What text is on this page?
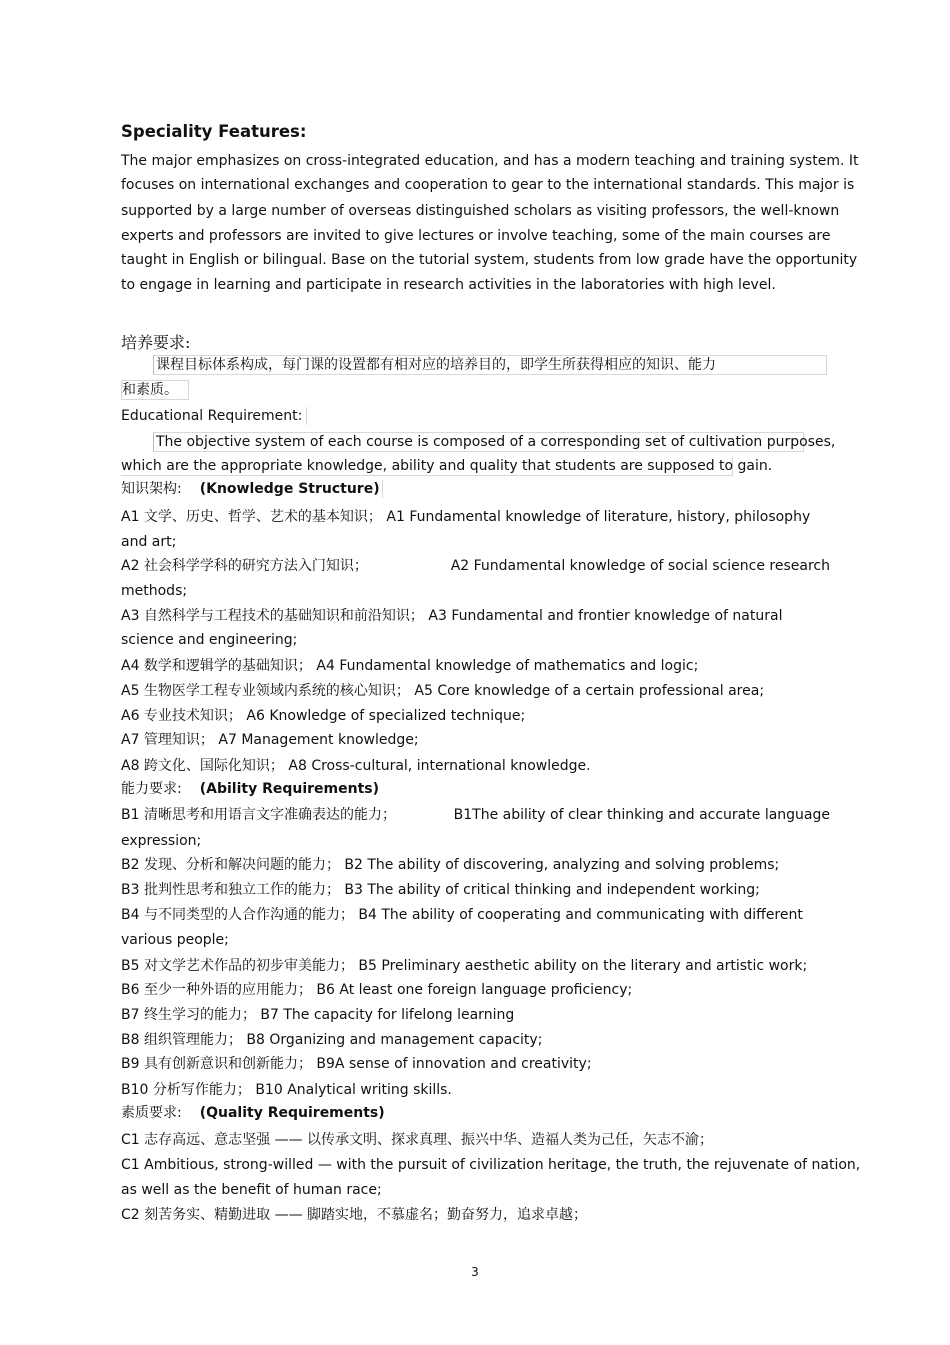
Speciality Features:
The major emphasizes on cross-integrated education, and has a modern teaching and training system. It
focuses on international exchanges and cooperation to gear to the international standards. This major is
supported by a large number of overseas distinguished scholars as visiting professors, the well-known
experts and professors are invited to give lectures or involve teaching, some of the main courses are
taught in English or bilingual. Base on the tutorial system, students from low grade have the opportunity
to engage in learning and participate in research activities in the laboratories with high level.
培养要求:
课程目标体系构成，每门课的设置都有相对应的培养目的，即学生所获得相应的知识、能力
和素质。
Educational Requirement:
The objective system of each course is composed of a corresponding set of cultivation purposes,
which are the appropriate knowledge, ability and quality that students are supposed to gain.
知识架构: (Knowledge Structure)
A1 文学、历史、哲学、艺术的基本知识； A1 Fundamental knowledge of literature, history, philosophy
and art;
A2 社会科学学科的研究方法入门知识；	A2 Fundamental knowledge of social science research
methods;
A3 自然科学与工程技术的基础知识和前沿知识； A3 Fundamental and frontier knowledge of natural
science and engineering;
A4 数学和逻辑学的基础知识； A4 Fundamental knowledge of mathematics and logic;
A5 生物医学工程专业领域内系统的核心知识； A5 Core knowledge of a certain professional area;
A6 专业技术知识； A6 Knowledge of specialized technique;
A7 管理知识； A7 Management knowledge;
A8 跨文化、国际化知识； A8 Cross-cultural, international knowledge.
能力要求: (Ability Requirements)
B1 清晰思考和用语言文字准确表达的能力；	B1The ability of clear thinking and accurate language
expression;
B2 发现、分析和解决问题的能力； B2 The ability of discovering, analyzing and solving problems;
B3 批判性思考和独立工作的能力； B3 The ability of critical thinking and independent working;
B4 与不同类型的人合作沟通的能力； B4 The ability of cooperating and communicating with different
various people;
B5 对文学艺术作品的初步审美能力； B5 Preliminary aesthetic ability on the literary and artistic work;
B6 至少一种外语的应用能力； B6 At least one foreign language proficiency;
B7 终生学习的能力； B7 The capacity for lifelong learning
B8 组织管理能力； B8 Organizing and management capacity;
B9 具有创新意识和创新能力； B9A sense of innovation and creativity;
B10 分析写作能力； B10 Analytical writing skills.
素质要求: (Quality Requirements)
C1 志存高远、意志坚强 —— 以传承文明、探求真理、振兴中华、造福人类为己任，矢志不渝；
C1 Ambitious, strong-willed — with the pursuit of civilization heritage, the truth, the rejuvenate of nation,
as well as the benefit of human race;
C2 刻苦务实、精勤进取 —— 脚踏实地，不慕虚名；勤奋努力，追求卓越；
3
